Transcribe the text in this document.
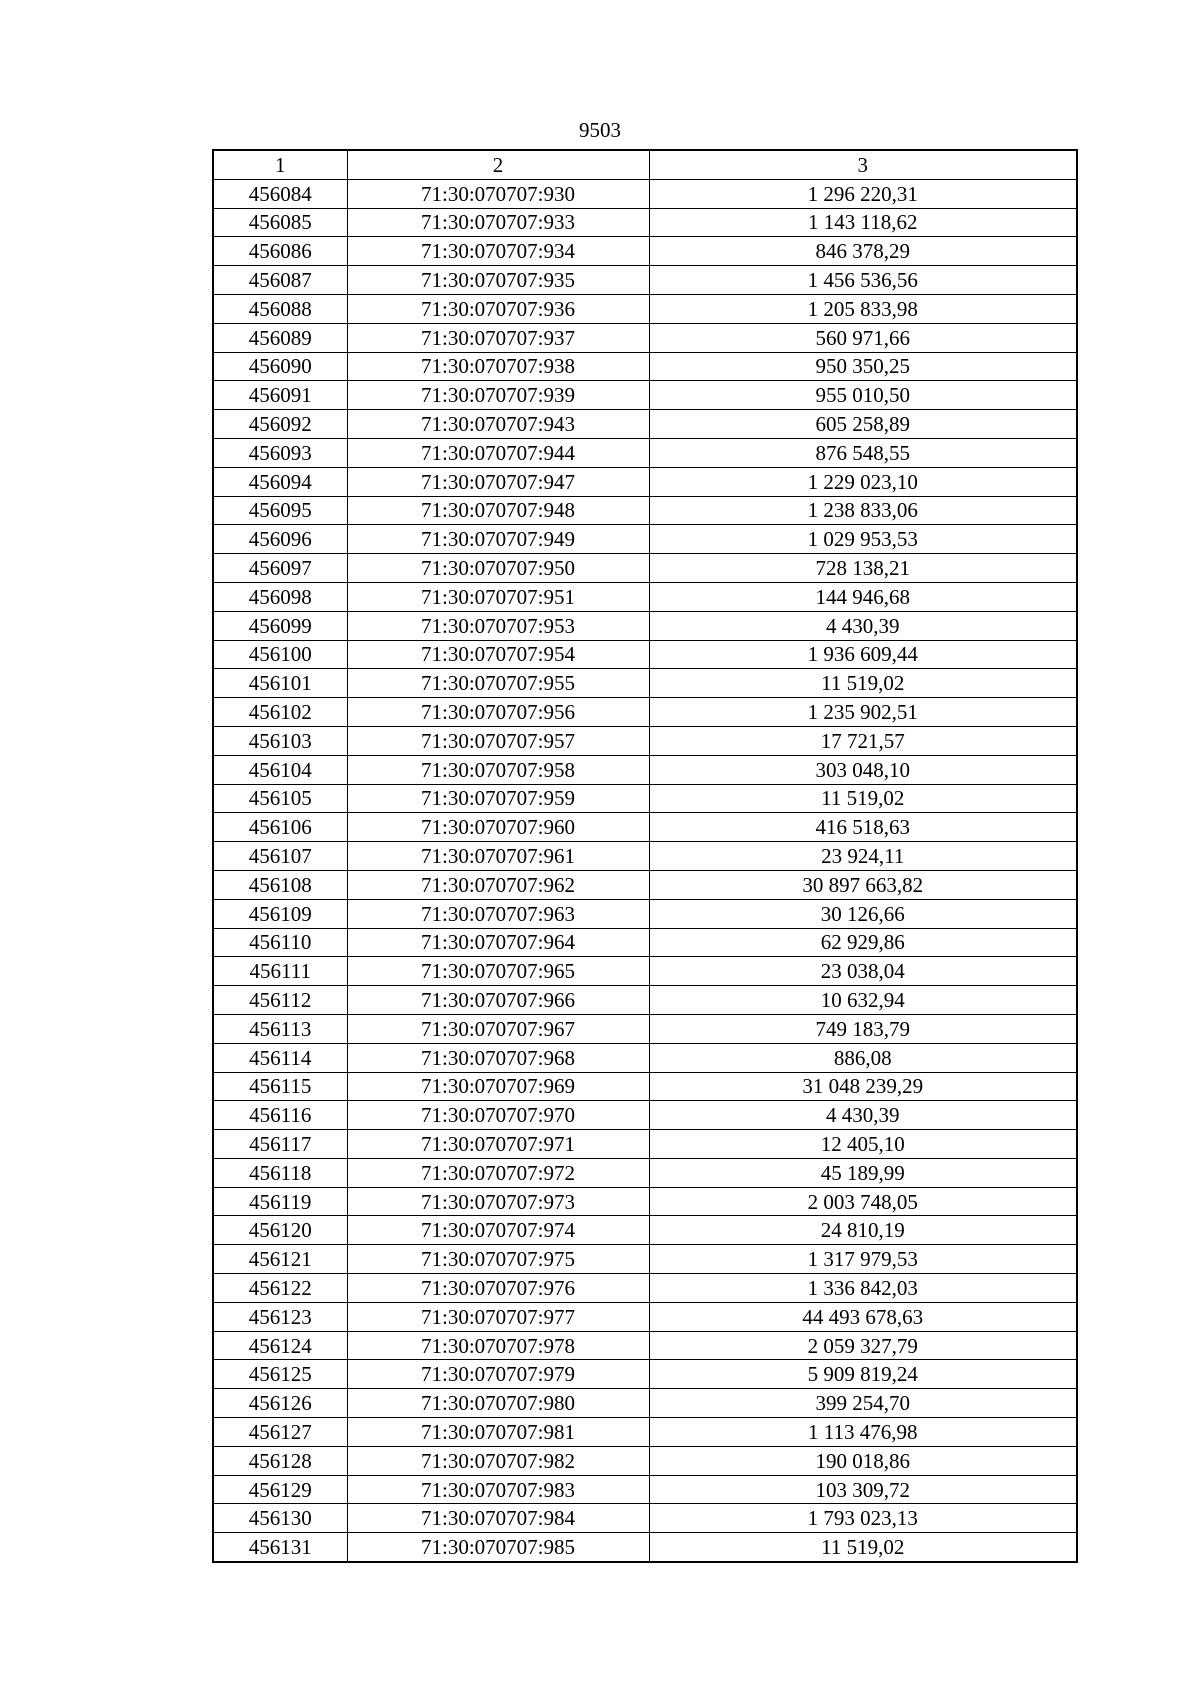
9503
1	2	3
456084	71:30:070707:930	1 296 220,31
456085	71:30:070707:933	1 143 118,62
456086	71:30:070707:934	846 378,29
456087	71:30:070707:935	1 456 536,56
456088	71:30:070707:936	1 205 833,98
456089	71:30:070707:937	560 971,66
456090	71:30:070707:938	950 350,25
456091	71:30:070707:939	955 010,50
456092	71:30:070707:943	605 258,89
456093	71:30:070707:944	876 548,55
456094	71:30:070707:947	1 229 023,10
456095	71:30:070707:948	1 238 833,06
456096	71:30:070707:949	1 029 953,53
456097	71:30:070707:950	728 138,21
456098	71:30:070707:951	144 946,68
456099	71:30:070707:953	4 430,39
456100	71:30:070707:954	1 936 609,44
456101	71:30:070707:955	11 519,02
456102	71:30:070707:956	1 235 902,51
456103	71:30:070707:957	17 721,57
456104	71:30:070707:958	303 048,10
456105	71:30:070707:959	11 519,02
456106	71:30:070707:960	416 518,63
456107	71:30:070707:961	23 924,11
456108	71:30:070707:962	30 897 663,82
456109	71:30:070707:963	30 126,66
456110	71:30:070707:964	62 929,86
456111	71:30:070707:965	23 038,04
456112	71:30:070707:966	10 632,94
456113	71:30:070707:967	749 183,79
456114	71:30:070707:968	886,08
456115	71:30:070707:969	31 048 239,29
456116	71:30:070707:970	4 430,39
456117	71:30:070707:971	12 405,10
456118	71:30:070707:972	45 189,99
456119	71:30:070707:973	2 003 748,05
456120	71:30:070707:974	24 810,19
456121	71:30:070707:975	1 317 979,53
456122	71:30:070707:976	1 336 842,03
456123	71:30:070707:977	44 493 678,63
456124	71:30:070707:978	2 059 327,79
456125	71:30:070707:979	5 909 819,24
456126	71:30:070707:980	399 254,70
456127	71:30:070707:981	1 113 476,98
456128	71:30:070707:982	190 018,86
456129	71:30:070707:983	103 309,72
456130	71:30:070707:984	1 793 023,13
456131	71:30:070707:985	11 519,02
